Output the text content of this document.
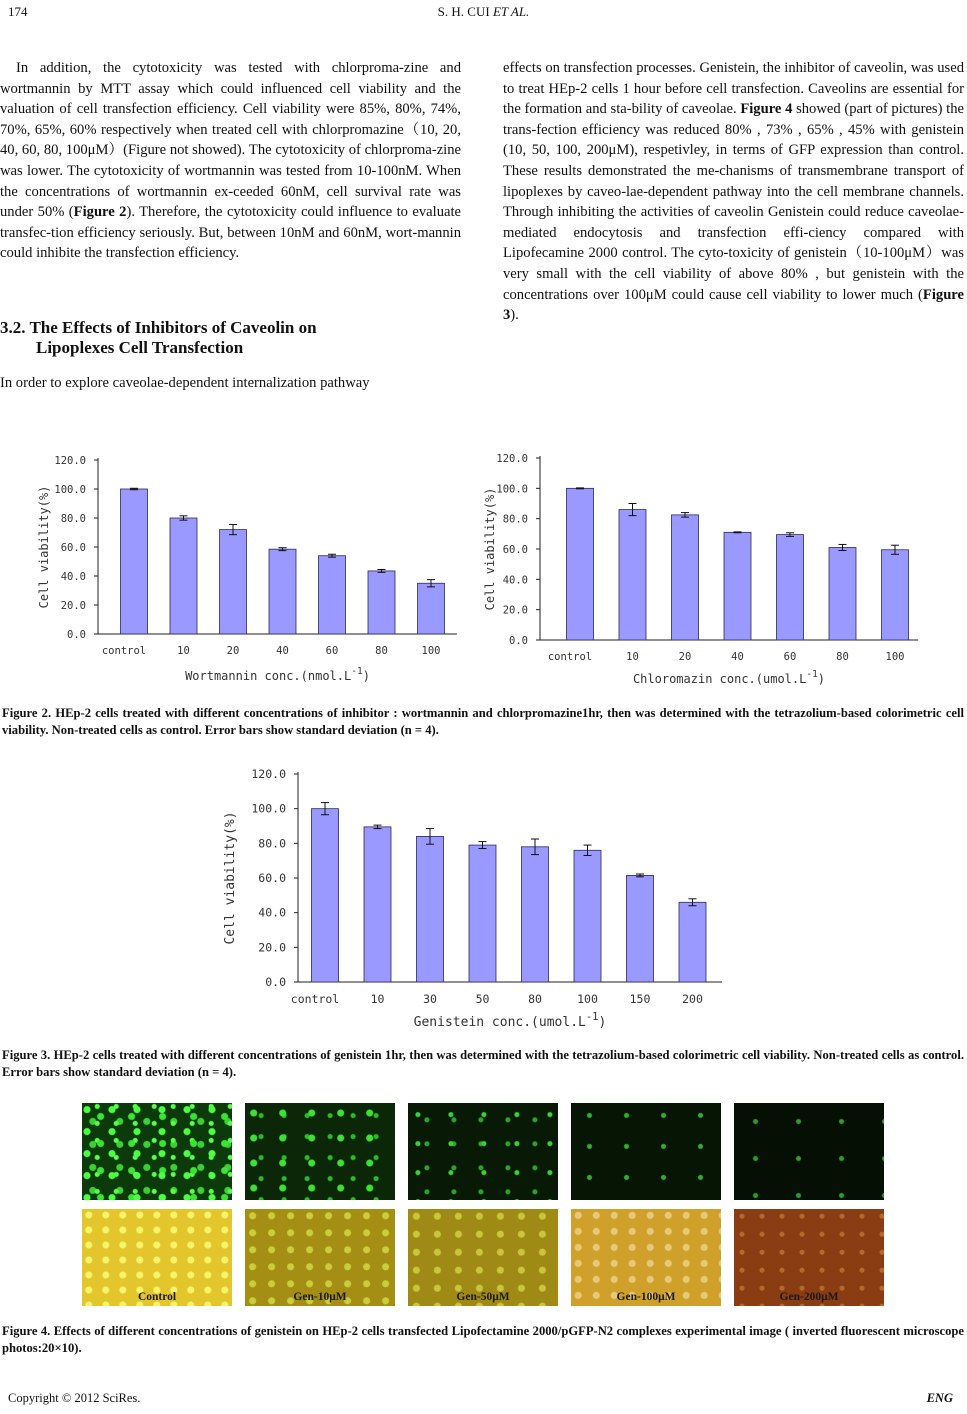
174	S. H. CUI ET AL.

In addition, the cytotoxicity was tested with chlorproma-zine and wortmannin by MTT assay which could influenced cell viability and the valuation of cell transfection efficiency. Cell viability were 85%, 80%, 74%, 70%, 65%, 60% respectively when treated cell with chlorpromazine（10, 20, 40, 60, 80, 100μM）(Figure not showed). The cytotoxicity of chlorproma-zine was lower. The cytotoxicity of wortmannin was tested from 10-100nM. When the concentrations of wortmannin ex-ceeded 60nM, cell survival rate was under 50% (Figure 2). Therefore, the cytotoxicity could influence to evaluate transfec-tion efficiency seriously. But, between 10nM and 60nM, wort-mannin could inhibite the transfection efficiency.

3.2. The Effects of Inhibitors of Caveolin on
Lipoplexes Cell Transfection

In order to explore caveolae-dependent internalization pathway

effects on transfection processes. Genistein, the inhibitor of caveolin, was used to treat HEp-2 cells 1 hour before cell transfection. Caveolins are essential for the formation and sta-bility of caveolae. Figure 4 showed (part of pictures) the trans-fection efficiency was reduced 80% , 73% , 65% , 45% with genistein (10, 50, 100, 200μM), respetivley, in terms of GFP expression than control. These results demonstrated the me-chanisms of transmembrane transport of lipoplexes by caveo-lae-dependent pathway into the cell membrane channels. Through inhibiting the activities of caveolin Genistein could reduce caveolae-mediated endocytosis and transfection effi-ciency compared with Lipofecamine 2000 control. The cyto-toxicity of genistein（10-100μM）was very small with the cell viability of above 80% , but genistein with the concentrations over 100μM could cause cell viability to lower much (Figure 3).

0.0
20.0
40.0
60.0
80.0
100.0
120.0
control	10	20	40	60	80	100
Wortmannin $conc.(nmol.L^{-1})$
Cell viability(%)
0.0
20.0
40.0
60.0
80.0
100.0
120.0
control	10	20	40	60	80	100
Chloromazin $conc.(umol.L^{-1})$
Cell viability(%)
Figure 2. HEp-2 cells treated with different concentrations of inhibitor : wortmannin and chlorpromazine1hr, then was determined with the tetrazolium-based colorimetric cell viability. Non-treated cells as control. Error bars show standard deviation (n = 4).
0.0
20.0
40.0
60.0
80.0
100.0
120.0
control	10	30	50	80	100	150	200
Genistein $conc.(umol.L^{-1})$
Cell viability(%)
Figure 3. HEp-2 cells treated with different concentrations of genistein 1hr, then was determined with the tetrazolium-based colorimetric cell viability. Non-treated cells as control. Error bars show standard deviation (n = 4).
Control	Gen-10μM	Gen-50μM	Gen-100μM	Gen-200μM
Figure 4. Effects of different concentrations of genistein on HEp-2 cells transfected Lipofectamine 2000/pGFP-N2 complexes experimental image ( inverted fluorescent microscope photos:20×10).
Copyright © 2012 SciRes.	ENG
